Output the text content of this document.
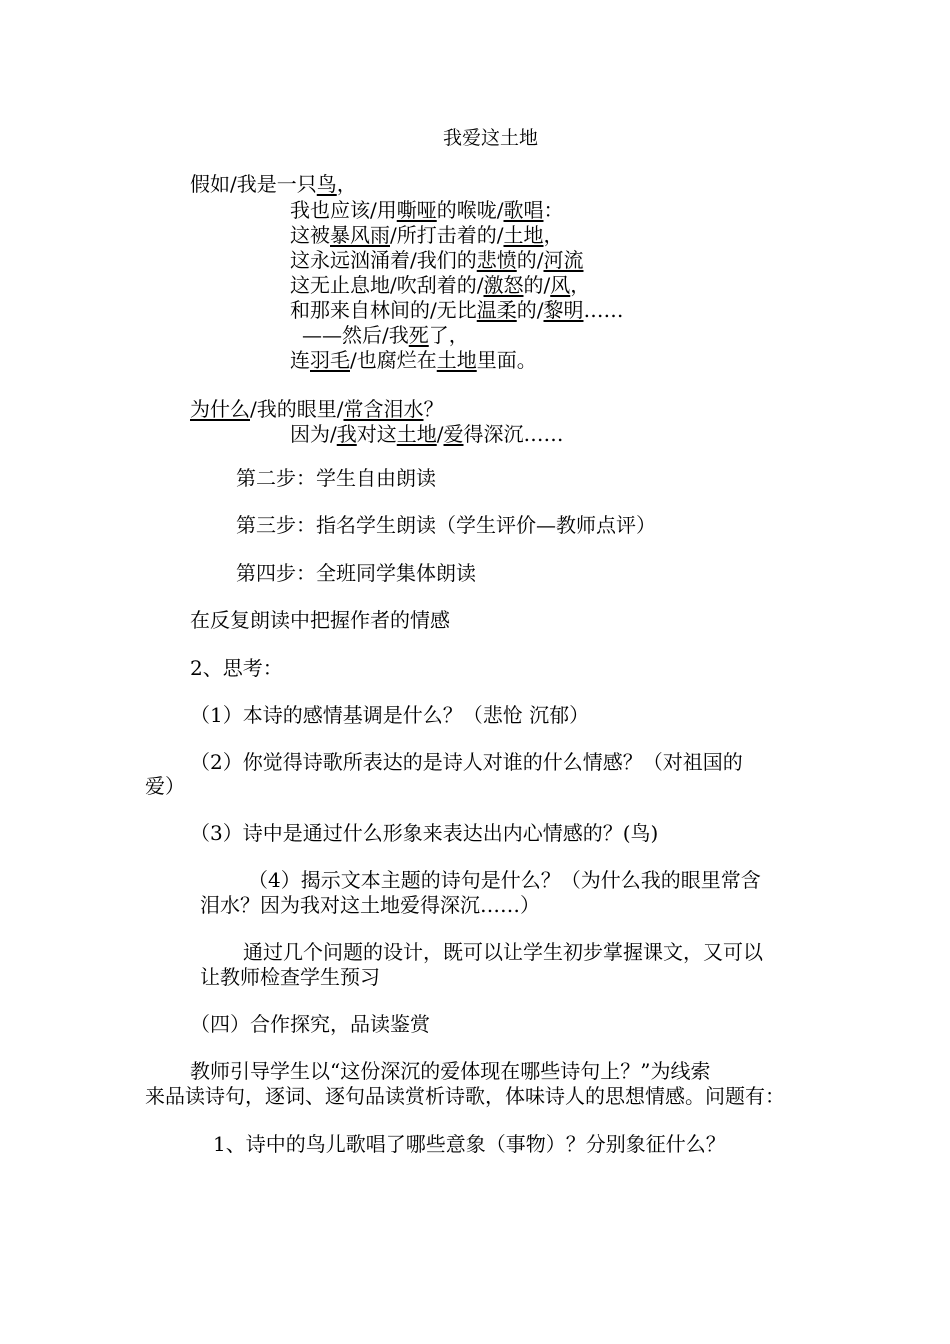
我爱这土地
假如/我是一只鸟，
我也应该/用嘶哑的喉咙/歌唱：
这被暴风雨/所打击着的/土地，
这永远汹涌着/我们的悲愤的/河流
这无止息地/吹刮着的/激怒的/风，
和那来自林间的/无比温柔的/黎明……
——然后/我死了，
连羽毛/也腐烂在土地里面。
为什么/我的眼里/常含泪水？
因为/我对这土地/爱得深沉……
第二步：学生自由朗读
第三步：指名学生朗读（学生评价—教师点评）
第四步：全班同学集体朗读
在反复朗读中把握作者的情感
2、思考：
（1）本诗的感情基调是什么？（悲怆 沉郁）
（2）你觉得诗歌所表达的是诗人对谁的什么情感？（对祖国的
爱）
（3）诗中是通过什么形象来表达出内心情感的？(鸟)
（4）揭示文本主题的诗句是什么？（为什么我的眼里常含
泪水？因为我对这土地爱得深沉……）
通过几个问题的设计，既可以让学生初步掌握课文，又可以
让教师检查学生预习
（四）合作探究，品读鉴赏
教师引导学生以“这份深沉的爱体现在哪些诗句上？”为线索
来品读诗句，逐词、逐句品读赏析诗歌，体味诗人的思想情感。问题有：
1、诗中的鸟儿歌唱了哪些意象（事物）？分别象征什么？
